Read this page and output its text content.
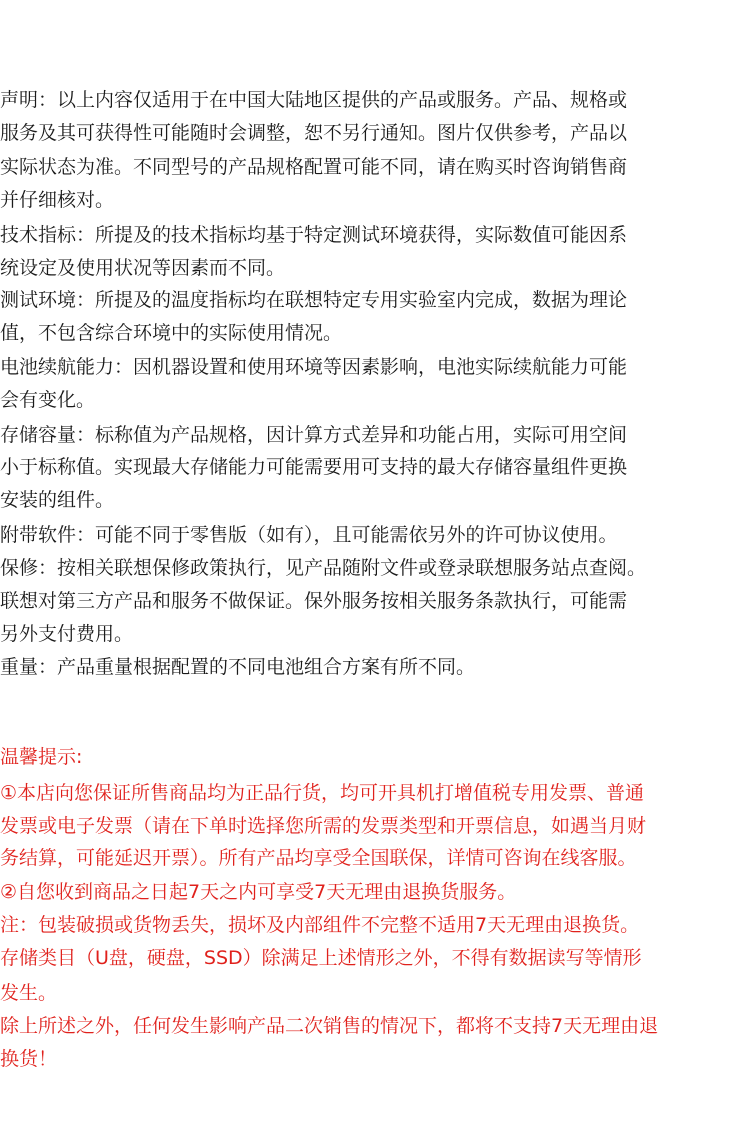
声明：以上内容仅适用于在中国大陆地区提供的产品或服务。产品、规格或

服务及其可获得性可能随时会调整，恕不另行通知。图片仅供参考，产品以

实际状态为准。不同型号的产品规格配置可能不同，请在购买时咨询销售商

并仔细核对。

技术指标：所提及的技术指标均基于特定测试环境获得，实际数值可能因系

统设定及使用状况等因素而不同。

测试环境：所提及的温度指标均在联想特定专用实验室内完成，数据为理论

值，不包含综合环境中的实际使用情况。

电池续航能力：因机器设置和使用环境等因素影响，电池实际续航能力可能

会有变化。

存储容量：标称值为产品规格，因计算方式差异和功能占用，实际可用空间

小于标称值。实现最大存储能力可能需要用可支持的最大存储容量组件更换

安装的组件。

附带软件：可能不同于零售版（如有），且可能需依另外的许可协议使用。

保修：按相关联想保修政策执行，见产品随附文件或登录联想服务站点查阅。

联想对第三方产品和服务不做保证。保外服务按相关服务条款执行，可能需

另外支付费用。

重量：产品重量根据配置的不同电池组合方案有所不同。

温馨提示:

①本店向您保证所售商品均为正品行货，均可开具机打增值税专用发票、普通

发票或电子发票（请在下单时选择您所需的发票类型和开票信息，如遇当月财

务结算，可能延迟开票）。所有产品均享受全国联保，详情可咨询在线客服。

②自您收到商品之日起7天之内可享受7天无理由退换货服务。

注：包装破损或货物丢失，损坏及内部组件不完整不适用7天无理由退换货。

存储类目（U盘，硬盘，SSD）除满足上述情形之外，不得有数据读写等情形

发生。

除上所述之外，任何发生影响产品二次销售的情况下，都将不支持7天无理由退

换货！
